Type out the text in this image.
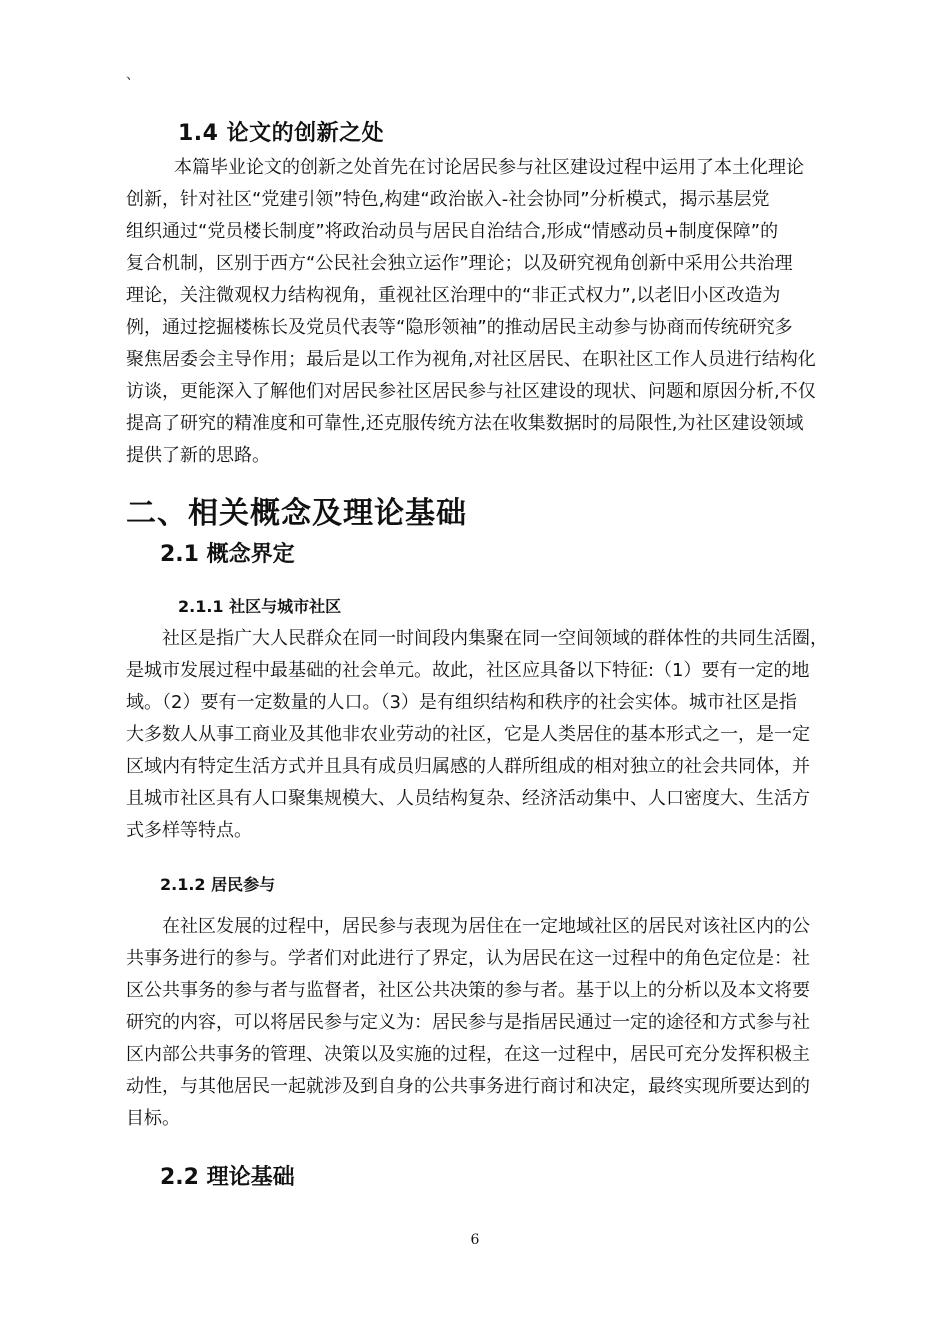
、
1.4 论文的创新之处
本篇毕业论文的创新之处首先在讨论居民参与社区建设过程中运用了本土化理论
创新，针对社区“党建引领”特色,构建“政治嵌入-社会协同”分析模式，揭示基层党
组织通过“党员楼长制度”将政治动员与居民自治结合,形成“情感动员+制度保障”的
复合机制，区别于西方“公民社会独立运作”理论；以及研究视角创新中采用公共治理
理论，关注微观权力结构视角，重视社区治理中的“非正式权力”,以老旧小区改造为
例，通过挖掘楼栋长及党员代表等“隐形领袖”的推动居民主动参与协商而传统研究多
聚焦居委会主导作用；最后是以工作为视角,对社区居民、在职社区工作人员进行结构化
访谈，更能深入了解他们对居民参社区居民参与社区建设的现状、问题和原因分析,不仅
提高了研究的精准度和可靠性,还克服传统方法在收集数据时的局限性,为社区建设领域
提供了新的思路。
二、相关概念及理论基础
2.1 概念界定
2.1.1 社区与城市社区
社区是指广大人民群众在同一时间段内集聚在同一空间领域的群体性的共同生活圈，
是城市发展过程中最基础的社会单元。故此，社区应具备以下特征:（1）要有一定的地
域。（2）要有一定数量的人口。（3）是有组织结构和秩序的社会实体。城市社区是指
大多数人从事工商业及其他非农业劳动的社区，它是人类居住的基本形式之一，是一定
区域内有特定生活方式并且具有成员归属感的人群所组成的相对独立的社会共同体，并
且城市社区具有人口聚集规模大、人员结构复杂、经济活动集中、人口密度大、生活方
式多样等特点。
2.1.2 居民参与
在社区发展的过程中，居民参与表现为居住在一定地域社区的居民对该社区内的公
共事务进行的参与。学者们对此进行了界定，认为居民在这一过程中的角色定位是：社
区公共事务的参与者与监督者，社区公共决策的参与者。基于以上的分析以及本文将要
研究的内容，可以将居民参与定义为：居民参与是指居民通过一定的途径和方式参与社
区内部公共事务的管理、决策以及实施的过程，在这一过程中，居民可充分发挥积极主
动性，与其他居民一起就涉及到自身的公共事务进行商讨和决定，最终实现所要达到的
目标。
2.2 理论基础
6
